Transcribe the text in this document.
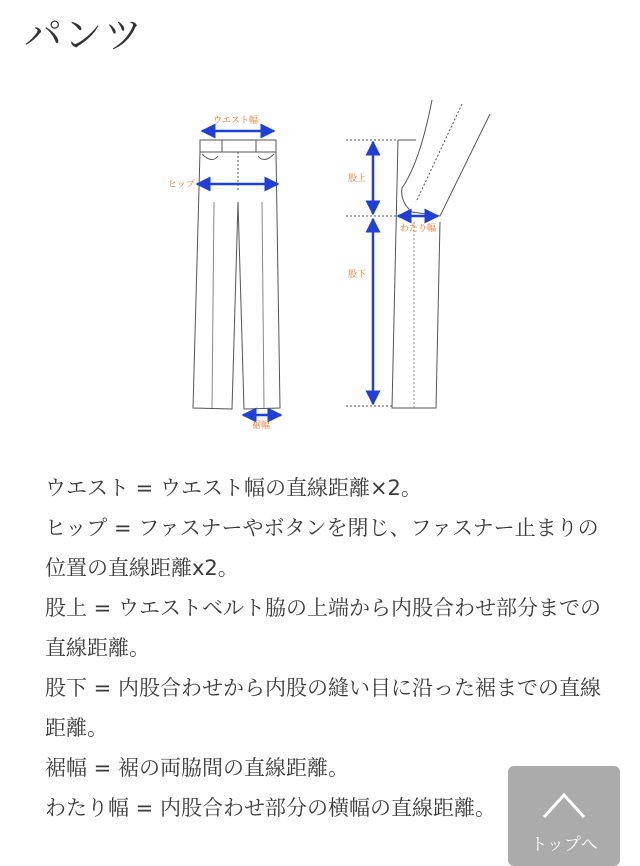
パンツ
ウエスト幅
ヒップ
裾幅
股上
股下
わたり幅

ウエスト = ウエスト幅の直線距離×2。

ヒップ = ファスナーやボタンを閉じ、ファスナー止まりの位置の直線距離x2。

股上 = ウエストベルト脇の上端から内股合わせ部分までの直線距離。

股下 = 内股合わせから内股の縫い目に沿った裾までの直線距離。

裾幅 = 裾の両脇間の直線距離。

わたり幅 = 内股合わせ部分の横幅の直線距離。

トップへ
